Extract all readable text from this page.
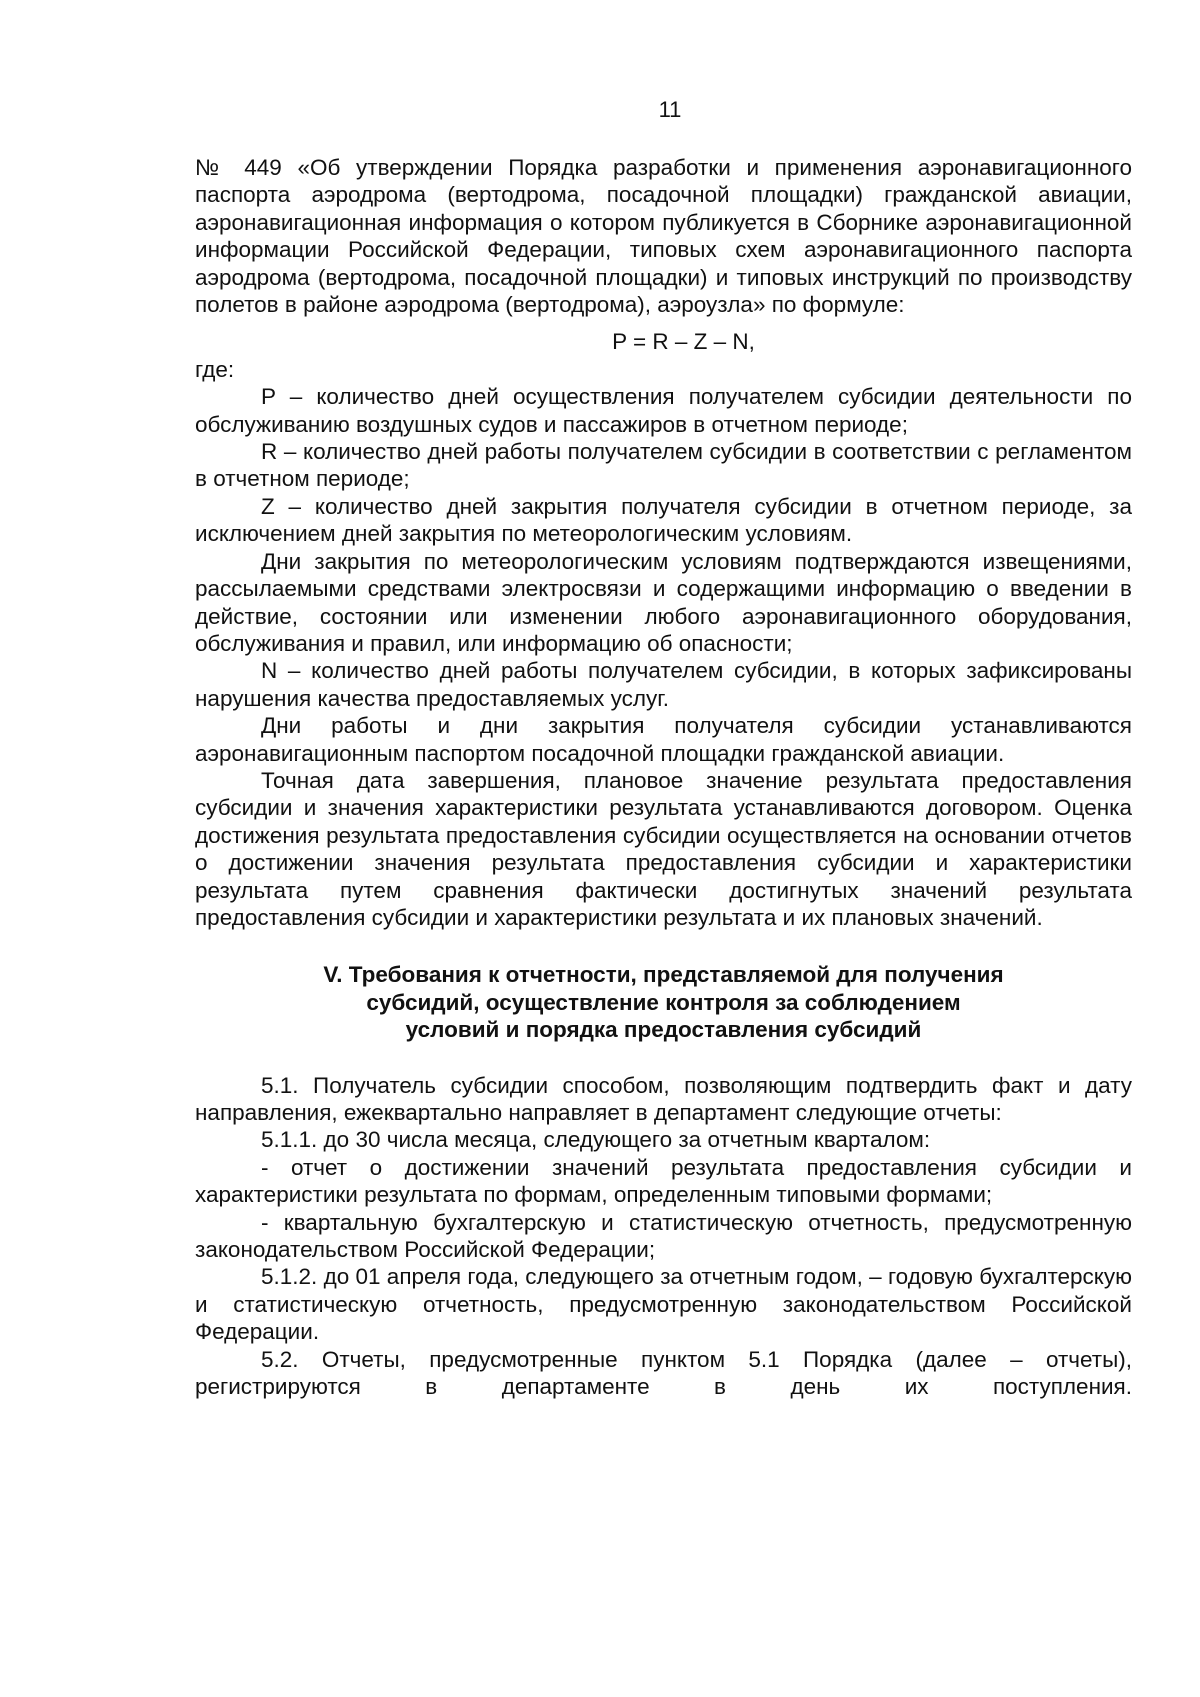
11

№ 449 «Об утверждении Порядка разработки и применения аэронавигационного паспорта аэродрома (вертодрома, посадочной площадки) гражданской авиации, аэронавигационная информация о котором публикуется в Сборнике аэронавигационной информации Российской Федерации, типовых схем аэронавигационного паспорта аэродрома (вертодрома, посадочной площадки) и типовых инструкций по производству полетов в районе аэродрома (вертодрома), аэроузла» по формуле:

P = R – Z – N,

где:

P – количество дней осуществления получателем субсидии деятельности по обслуживанию воздушных судов и пассажиров в отчетном периоде;

R – количество дней работы получателем субсидии в соответствии с регламентом в отчетном периоде;

Z – количество дней закрытия получателя субсидии в отчетном периоде, за исключением дней закрытия по метеорологическим условиям.

Дни закрытия по метеорологическим условиям подтверждаются извещениями, рассылаемыми средствами электросвязи и содержащими информацию о введении в действие, состоянии или изменении любого аэронавигационного оборудования, обслуживания и правил, или информацию об опасности;

N – количество дней работы получателем субсидии, в которых зафиксированы нарушения качества предоставляемых услуг.

Дни работы и дни закрытия получателя субсидии устанавливаются аэронавигационным паспортом посадочной площадки гражданской авиации.

Точная дата завершения, плановое значение результата предоставления субсидии и значения характеристики результата устанавливаются договором. Оценка достижения результата предоставления субсидии осуществляется на основании отчетов о достижении значения результата предоставления субсидии и характеристики результата путем сравнения фактически достигнутых значений результата предоставления субсидии и характеристики результата и их плановых значений.

V. Требования к отчетности, представляемой для получения
субсидий, осуществление контроля за соблюдением
условий и порядка предоставления субсидий

5.1. Получатель субсидии способом, позволяющим подтвердить факт и дату направления, ежеквартально направляет в департамент следующие отчеты:

5.1.1. до 30 числа месяца, следующего за отчетным кварталом:

- отчет о достижении значений результата предоставления субсидии и характеристики результата по формам, определенным типовыми формами;

- квартальную бухгалтерскую и статистическую отчетность, предусмотренную законодательством Российской Федерации;

5.1.2. до 01 апреля года, следующего за отчетным годом, – годовую бухгалтерскую и статистическую отчетность, предусмотренную законодательством Российской Федерации.

5.2. Отчеты, предусмотренные пунктом 5.1 Порядка (далее – отчеты), регистрируются в департаменте в день их поступления.
